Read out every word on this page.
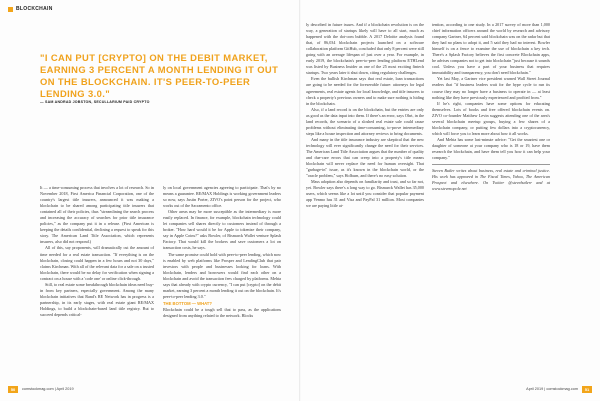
BLOCKCHAIN
"I CAN PUT [CRYPTO] ON THE DEBIT MARKET, EARNING 3 PERCENT A MONTH LENDING IT OUT ON THE BLOCKCHAIN. IT'S PEER-TO-PEER LENDING 3.0."
— SAM ANDRAD JOBSTON, SECULLARIUM PAID CRYPTO

It — a time-consuming process that involves a lot of research. So in November 2018, First America Financial Corporation, one of the country's largest title insurers, announced it was making a blockchain to be shared among participating title insurers that contained all of their policies, thus "streamlining the search process and increasing the accuracy of searches for prior title insurance policies," as the company put it in a release. (First American is keeping the details confidential, declining a request to speak for this story. The American Land Title Association, which represents insurers, also did not respond.)

All of this, say proponents, will dramatically cut the amount of time needed for a real estate transaction. "If everything is on the blockchain, closing could happen in a few hours and not 30 days," claims Kirchman. With all of the relevant data for a sale on a trusted blockchain, there would be no delay for verification when signing a contract on a house with a 'code one' or online click-through.

Still, to real estate some breakthrough blockchain ideas need buy-in from key partners, especially government. Among the many blockchain initiatives that Rand's RE Network has in progress is a partnership, in its early stages, with real estate giant RE/MAX Holdings, to build a blockchain-based land title registry. But to succeed depends critical-

ly on local government agencies agreeing to participate. That's by no means a guarantee. RE/MAX Holdings is working government leaders so now, says Justin Porter, ZIVO's point person for the project, who works out of the Sacramento office.

Other areas may be more susceptible as the intermediary is more easily replaced. In finance, for example, blockchain technology could let companies sell shares directly to customers instead of through a broker. "How hard would it be for Apple to tokenize their company, say in Apple Coins?" asks Bowler, of Bismarck Wallet venture Splash Factory. That would kill the brokers and save customers a lot on transaction costs, he says.

The same promise could hold with peer-to-peer lending, which now is enabled by web platforms like Prosper and LendingClub that pair investors with people and businesses looking for loans. With blockchain, lenders and borrowers would find each other on a blockchain and avoid the transaction fees charged by platforms. Mehta says that already with crypto currency, "I can put [crypto] on the debit market, earning 3 percent a month lending it out on the blockchain. It's peer-to-peer lending 3.0."

THE BOTTOM — WHAT?

Blockchain could be a tough sell that to pass, as the applications designed from anything related to the network. Blocks

ly described in future issues. And if a blockchain revolution is on the way, a generation of startups likely will have to all start, much as happened with the dot-com bubble. A 2017 Deloitte analysis found that, of 86,034 blockchain projects launched on a software collaboration platform GitHub, concluded that only 8 percent were still going with an average lifespan of just over a year. For example, in early 2019, the blockchain's peer-to-peer lending platform ETHLend was listed by Business Insider as one of the 25 most exciting fintech startups. Two years later it shut down, citing regulatory challenges.

Even the bullish Kirchman says that real estate, loan transactions are going to be needed for the foreseeable future: attorneys for legal agreements, real estate agents for local knowledge, and title insurers to check a property's previous owners and to make sure nothing is hiding in the blockchain.

Also, if a land record is on the blockchain, but the entries are only as good as the data input into them. If there's an error, says Ohrt, in the land records, the scenario of a sloshed real estate sale could cause problems without eliminating time-consuming, to-prove intermediary steps like a house inspection and attorney reviews to bring documents.

And many in the title insurance industry are skeptical that the new technology will ever significantly change the need for their services. The American Land Title Association argues that the number of quality and due-care errors that can creep into a property's title means blockchain will never replace the need for human oversight. That "garbage-in" issue, as it's known in the blockchain world, or the "oracle problem," says Holburn, and there's no easy solution.

Mass adoption also depends on familiarity and trust, and so far not, yet. Bowler says there's a long way to go. Bismarck Wallet has 35,000 users, which seems like a lot until you consider that popular payment app Venmo has 31 and Visa and PayPal 31 million. Most companies we are paying little at-

tention, according to one study. In a 2017 survey of more than 1,000 chief information officers around the world by research and advisory company Gartner, 64 percent said blockchain was on the radar but that they had no plans to adopt it, and 5 said they had no interest. Bowler himself is on a fence to examine the use of blockchain a key tech. There's a Splash Factory believes the first concrete Blockchain apps, he advises companies not to get into blockchain "just because it sounds cool. Unless you have a part of your business that requires immutability and transparency, you don't need blockchain."

Yet last May, a Gartner vice president warned Wall Street Journal readers that "if business leaders wait for the hype cycle to run its course they may no longer have a business to operate in — at least nothing like they have previously experienced and profited from."

If he's right, companies have some options for educating themselves. Lots of books and free offered blockchain events on. ZIVO co-founder Matthew Levin suggests attending one of the area's several blockchain meetup groups, buying a few shares of a blockchain company, or putting few dollars into a cryptocurrency, which will force you to learn more about how it all works.

And Mehta has some last-minute advice: "Get the smartest one or daughter of someone at your company who is 18 or 19, have them research the blockchain, and have them tell you how it can help your company."

Steven Butler writes about business, real estate and criminal justice. His work has appeared in The Fiscal Times, Yahoo, The American Prospect and elsewhere. On Twitter @stevebutlerr and at www.stevenopole.net

50	comstockmag.com | April 2019	April 2019 | comstockmag.com	51
